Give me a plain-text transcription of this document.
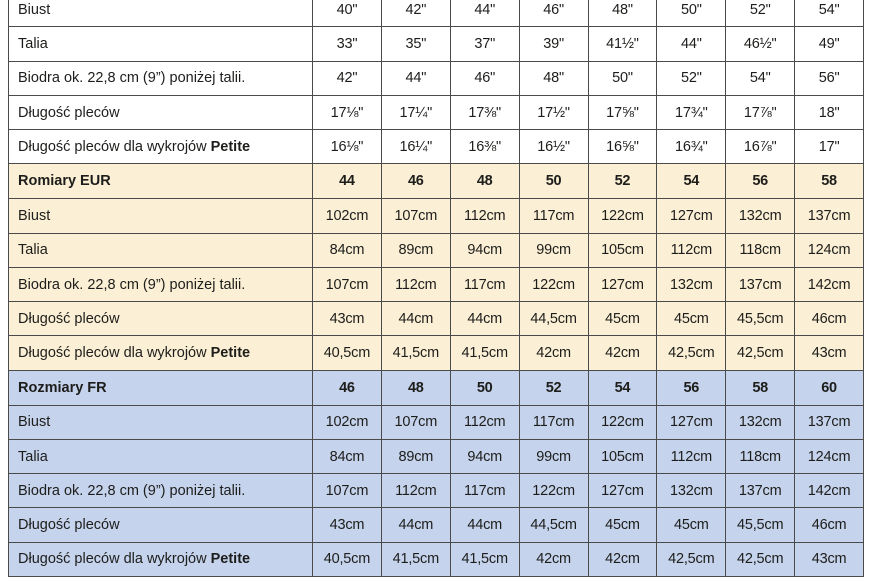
Biust	40"	42"	44"	46"	48"	50"	52"	54"
Talia	33"	35"	37"	39"	41½"	44"	46½"	49"
Biodra ok. 22,8 cm (9”) poniżej talii.	42"	44"	46"	48"	50"	52"	54"	56"
Długość pleców	17⅛"	17¼"	17⅜"	17½"	17⅝"	17¾"	17⅞"	18"
Długość pleców dla wykrojów Petite	16⅛"	16¼"	16⅜"	16½"	16⅝"	16¾"	16⅞"	17"
Romiary EUR	44	46	48	50	52	54	56	58
Biust	102cm	107cm	112cm	117cm	122cm	127cm	132cm	137cm
Talia	84cm	89cm	94cm	99cm	105cm	112cm	118cm	124cm
Biodra ok. 22,8 cm (9”) poniżej talii.	107cm	112cm	117cm	122cm	127cm	132cm	137cm	142cm
Długość pleców	43cm	44cm	44cm	44,5cm	45cm	45cm	45,5cm	46cm
Długość pleców dla wykrojów Petite	40,5cm	41,5cm	41,5cm	42cm	42cm	42,5cm	42,5cm	43cm
Rozmiary FR	46	48	50	52	54	56	58	60
Biust	102cm	107cm	112cm	117cm	122cm	127cm	132cm	137cm
Talia	84cm	89cm	94cm	99cm	105cm	112cm	118cm	124cm
Biodra ok. 22,8 cm (9”) poniżej talii.	107cm	112cm	117cm	122cm	127cm	132cm	137cm	142cm
Długość pleców	43cm	44cm	44cm	44,5cm	45cm	45cm	45,5cm	46cm
Długość pleców dla wykrojów Petite	40,5cm	41,5cm	41,5cm	42cm	42cm	42,5cm	42,5cm	43cm
